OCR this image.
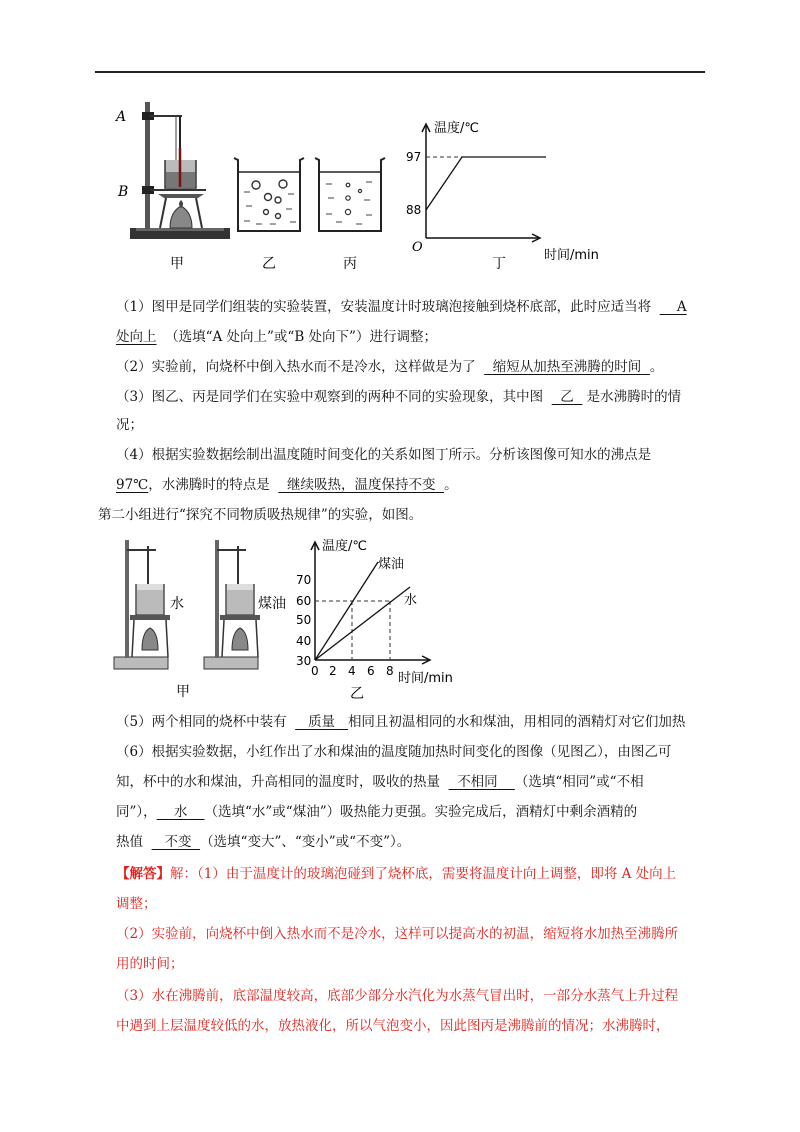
A
B
甲	乙	丙
温度/℃
97
88
O
丁
时间/min
（1）图甲是同学们组装的实验装置，安装温度计时玻璃泡接触到烧杯底部，此时应适当将 A
处向上 （选填“A 处向上”或“B 处向下”）进行调整；
（2）实验前，向烧杯中倒入热水而不是冷水，这样做是为了 缩短从加热至沸腾的时间 。
（3）图乙、丙是同学们在实验中观察到的两种不同的实验现象，其中图 乙 是水沸腾时的情
况；
（4）根据实验数据绘制出温度随时间变化的关系如图丁所示。分析该图像可知水的沸点是
97℃，水沸腾时的特点是 继续吸热，温度保持不变 。
第二小组进行“探究不同物质吸热规律”的实验，如图。
水	煤油
甲
温度/℃
70
60
50
40
30
0 2 4 6 8
煤油
水
时间/min
乙
（5）两个相同的烧杯中装有 质量 相同且初温相同的水和煤油，用相同的酒精灯对它们加热
（6）根据实验数据，小红作出了水和煤油的温度随加热时间变化的图像（见图乙），由图乙可
知，杯中的水和煤油，升高相同的温度时，吸收的热量 不相同 （选填“相同”或“不相
同”）， 水 （选填“水”或“煤油”）吸热能力更强。实验完成后，酒精灯中剩余酒精的
热值 不变 （选填“变大”、“变小”或“不变”）。
【解答】解：（1）由于温度计的玻璃泡碰到了烧杯底，需要将温度计向上调整，即将 A 处向上
调整；
（2）实验前，向烧杯中倒入热水而不是冷水，这样可以提高水的初温，缩短将水加热至沸腾所
用的时间；
（3）水在沸腾前，底部温度较高，底部少部分水汽化为水蒸气冒出时，一部分水蒸气上升过程
中遇到上层温度较低的水，放热液化，所以气泡变小，因此图丙是沸腾前的情况；水沸腾时，
